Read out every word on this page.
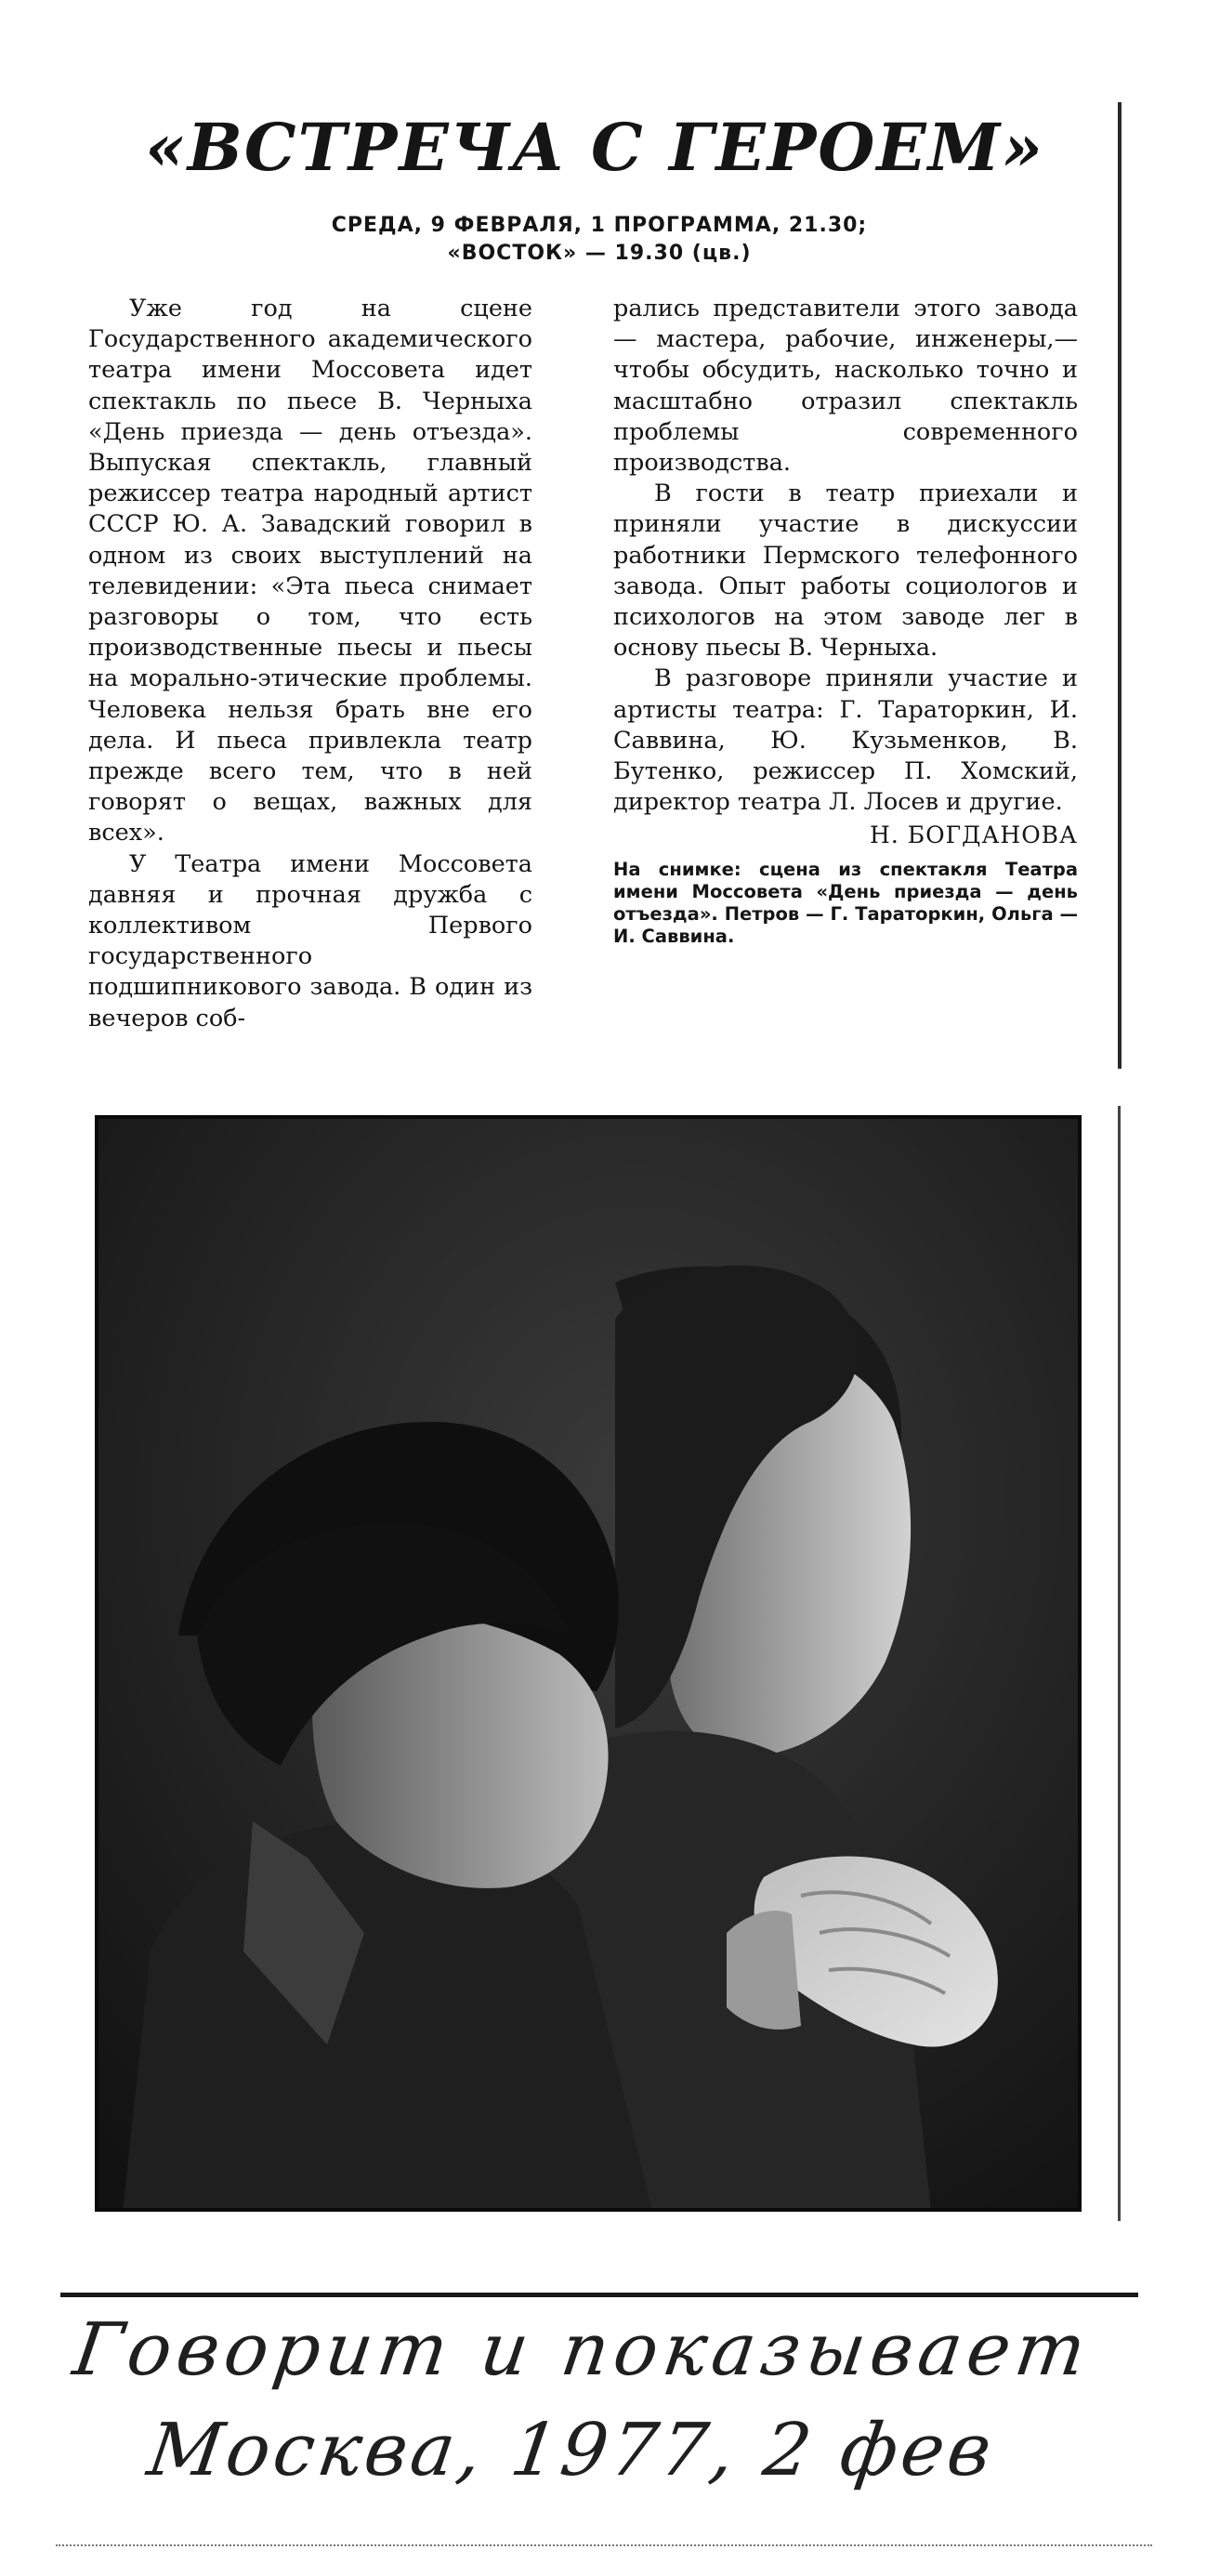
«ВСТРЕЧА С ГЕРОЕМ»
СРЕДА, 9 ФЕВРАЛЯ, 1 ПРОГРАММА, 21.30;
«ВОСТОК» — 19.30 (цв.)

Уже год на сцене Государственного академического театра имени Моссовета идет спектакль по пьесе В. Черныха «День приезда — день отъезда». Выпуская спектакль, главный режиссер театра народный артист СССР Ю. А. Завадский говорил в одном из своих выступлений на телевидении: «Эта пьеса снимает разговоры о том, что есть производственные пьесы и пьесы на морально-этические проблемы. Человека нельзя брать вне его дела. И пьеса привлекла театр прежде всего тем, что в ней говорят о вещах, важных для всех».

У Театра имени Моссовета давняя и прочная дружба с коллективом Первого государственного подшипникового завода. В один из вечеров соб-

рались представители этого завода — мастера, рабочие, инженеры,— чтобы обсудить, насколько точно и масштабно отразил спектакль проблемы современного производства.

В гости в театр приехали и приняли участие в дискуссии работники Пермского телефонного завода. Опыт работы социологов и психологов на этом заводе лег в основу пьесы В. Черныха.

В разговоре приняли участие и артисты театра: Г. Тараторкин, И. Саввина, Ю. Кузьменков, В. Бутенко, режиссер П. Хомский, директор театра Л. Лосев и другие.

Н. БОГДАНОВА
На снимке: сцена из спектакля Театра имени Моссовета «День приезда — день отъезда». Петров — Г. Тараторкин, Ольга — И. Саввина.
Говорит и показывает
Москва, 1977, 2 фев
